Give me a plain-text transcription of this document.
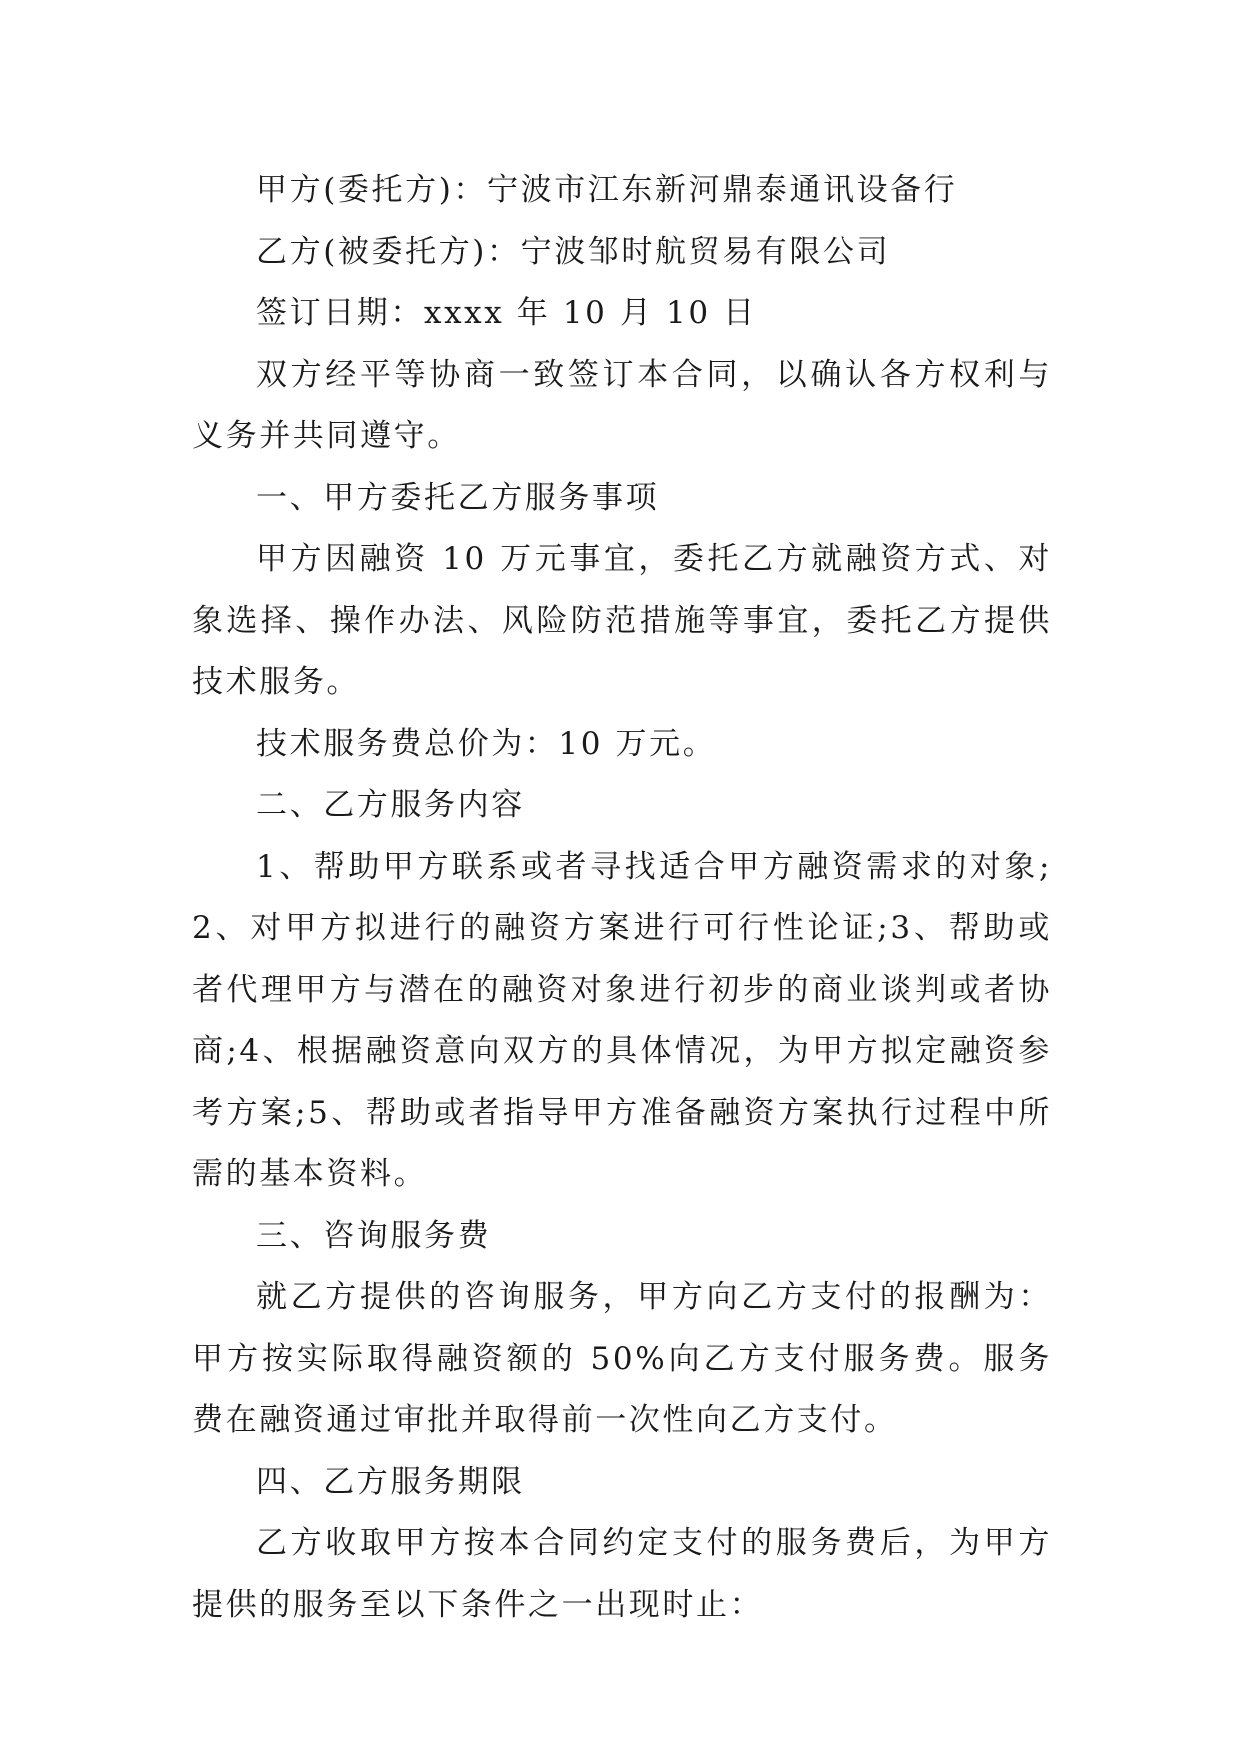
甲方(委托方)：宁波市江东新河鼎泰通讯设备行

乙方(被委托方)：宁波邹时航贸易有限公司

签订日期：xxxx 年 10 月 10 日

双方经平等协商一致签订本合同，以确认各方权利与义务并共同遵守。

一、甲方委托乙方服务事项

甲方因融资 10 万元事宜，委托乙方就融资方式、对象选择、操作办法、风险防范措施等事宜，委托乙方提供技术服务。

技术服务费总价为：10 万元。

二、乙方服务内容

1、帮助甲方联系或者寻找适合甲方融资需求的对象;2、对甲方拟进行的融资方案进行可行性论证;3、帮助或者代理甲方与潜在的融资对象进行初步的商业谈判或者协商;4、根据融资意向双方的具体情况，为甲方拟定融资参考方案;5、帮助或者指导甲方准备融资方案执行过程中所需的基本资料。

三、咨询服务费

就乙方提供的咨询服务，甲方向乙方支付的报酬为：甲方按实际取得融资额的 50%向乙方支付服务费。服务费在融资通过审批并取得前一次性向乙方支付。

四、乙方服务期限

乙方收取甲方按本合同约定支付的服务费后，为甲方提供的服务至以下条件之一出现时止：
